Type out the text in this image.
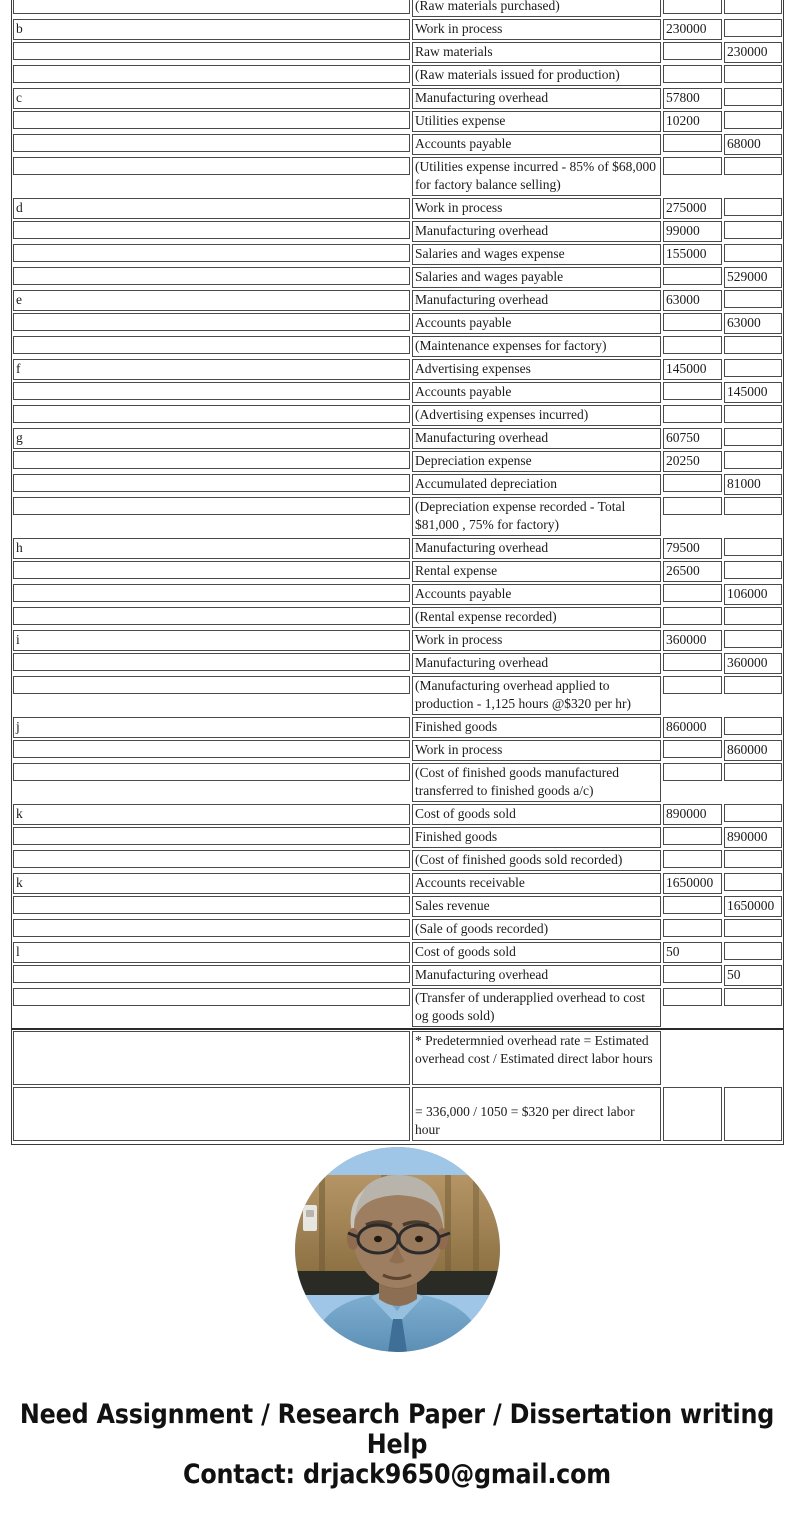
	(Raw materials purchased)		

b	Work in process	230000	

	Raw materials		230000

	(Raw materials issued for production)		

c	Manufacturing overhead	57800	

	Utilities expense	10200	

	Accounts payable		68000

	(Utilities expense incurred - 85% of $68,000 for factory balance selling)		

d	Work in process	275000	

	Manufacturing overhead	99000	

	Salaries and wages expense	155000	

	Salaries and wages payable		529000

e	Manufacturing overhead	63000	

	Accounts payable		63000

	(Maintenance expenses for factory)		

f	Advertising expenses	145000	

	Accounts payable		145000

	(Advertising expenses incurred)		

g	Manufacturing overhead	60750	

	Depreciation expense	20250	

	Accumulated depreciation		81000

	(Depreciation expense recorded - Total $81,000 , 75% for factory)		

h	Manufacturing overhead	79500	

	Rental expense	26500	

	Accounts payable		106000

	(Rental expense recorded)		

i	Work in process	360000	

	Manufacturing overhead		360000

	(Manufacturing overhead applied to production - 1,125 hours @$320 per hr)		

j	Finished goods	860000	

	Work in process		860000

	(Cost of finished goods manufactured transferred to finished goods a/c)		

k	Cost of goods sold	890000	

	Finished goods		890000

	(Cost of finished goods sold recorded)		

k	Accounts receivable	1650000	

	Sales revenue		1650000

	(Sale of goods recorded)		

l	Cost of goods sold	50	

	Manufacturing overhead		50

	(Transfer of underapplied overhead to cost og goods sold)		

	* Predetermnied overhead rate = Estimated overhead cost / Estimated direct labor hours		

= 336,000 / 1050 = $320 per direct labor hour		

Need Assignment / Research Paper / Dissertation writing Help
Contact: drjack9650@gmail.com
